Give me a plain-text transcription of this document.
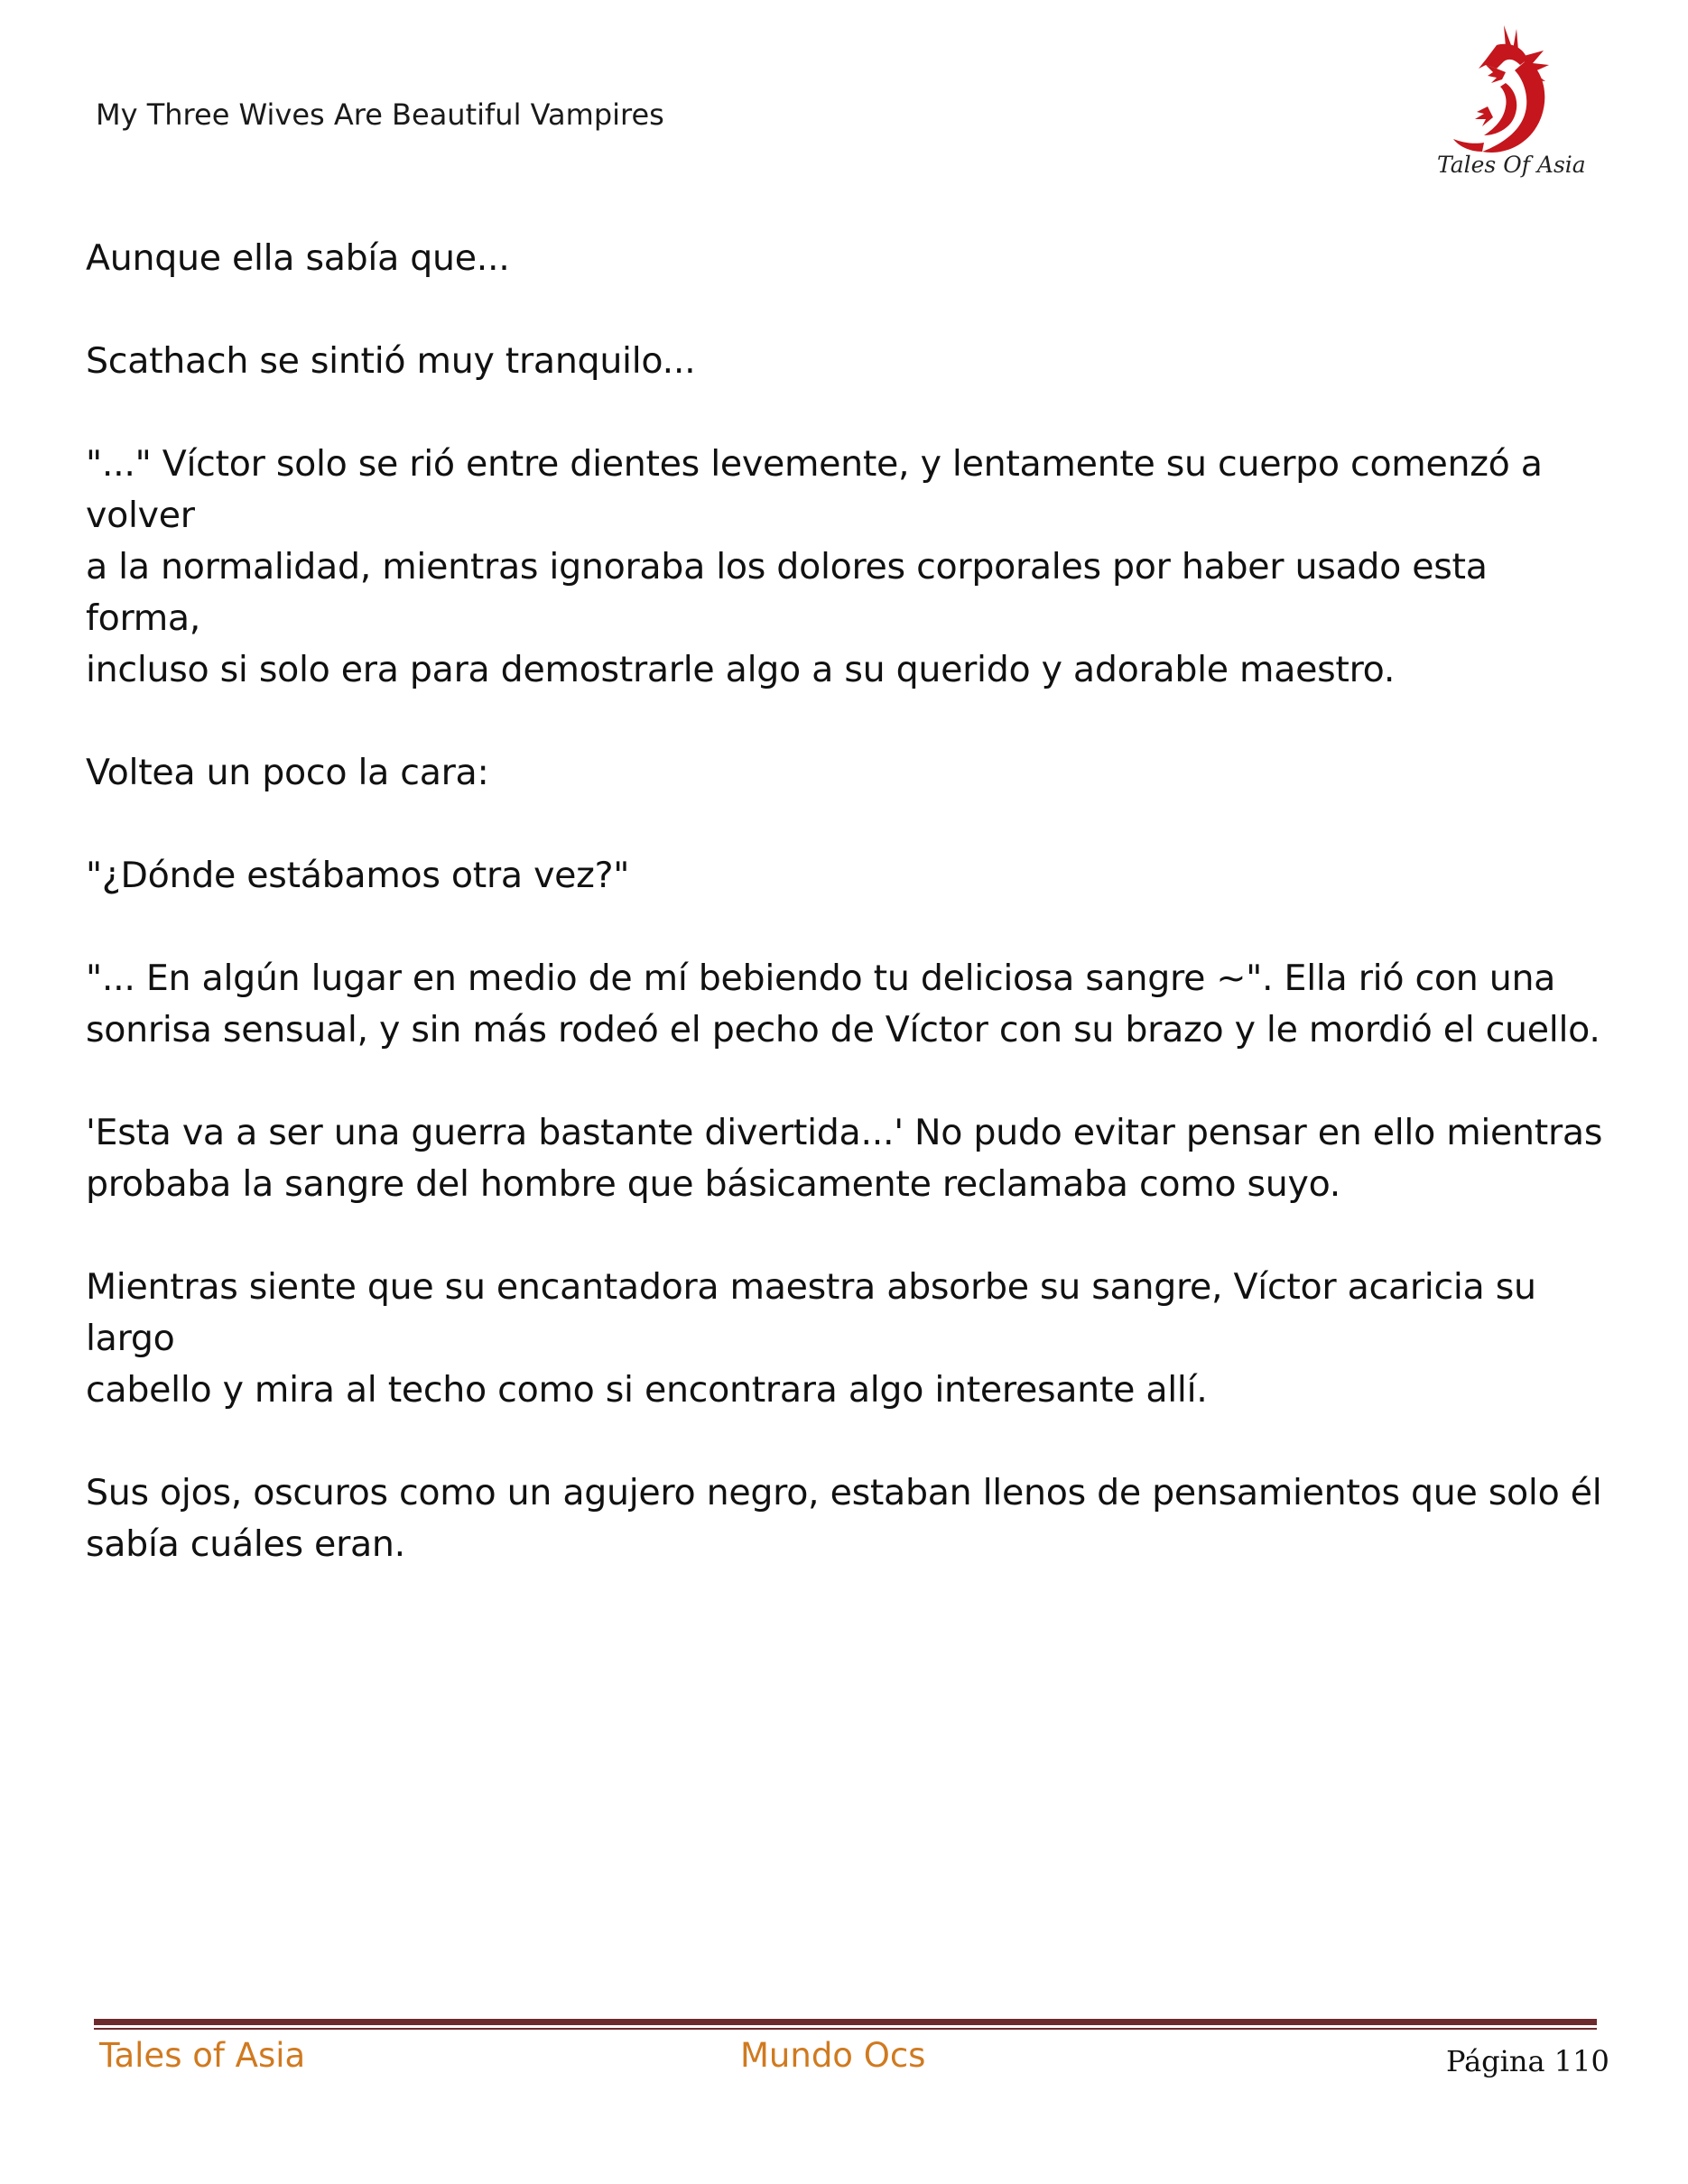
My Three Wives Are Beautiful Vampires
Tales Of Asia

Aunque ella sabía que...

Scathach se sintió muy tranquilo...

"..." Víctor solo se rió entre dientes levemente, y lentamente su cuerpo comenzó a volver
a la normalidad, mientras ignoraba los dolores corporales por haber usado esta forma,
incluso si solo era para demostrarle algo a su querido y adorable maestro.

Voltea un poco la cara:

"¿Dónde estábamos otra vez?"

"... En algún lugar en medio de mí bebiendo tu deliciosa sangre ~". Ella rió con una
sonrisa sensual, y sin más rodeó el pecho de Víctor con su brazo y le mordió el cuello.

'Esta va a ser una guerra bastante divertida...' No pudo evitar pensar en ello mientras
probaba la sangre del hombre que básicamente reclamaba como suyo.

Mientras siente que su encantadora maestra absorbe su sangre, Víctor acaricia su largo
cabello y mira al techo como si encontrara algo interesante allí.

Sus ojos, oscuros como un agujero negro, estaban llenos de pensamientos que solo él
sabía cuáles eran.

Tales of Asia	Mundo Ocs	Página 110
